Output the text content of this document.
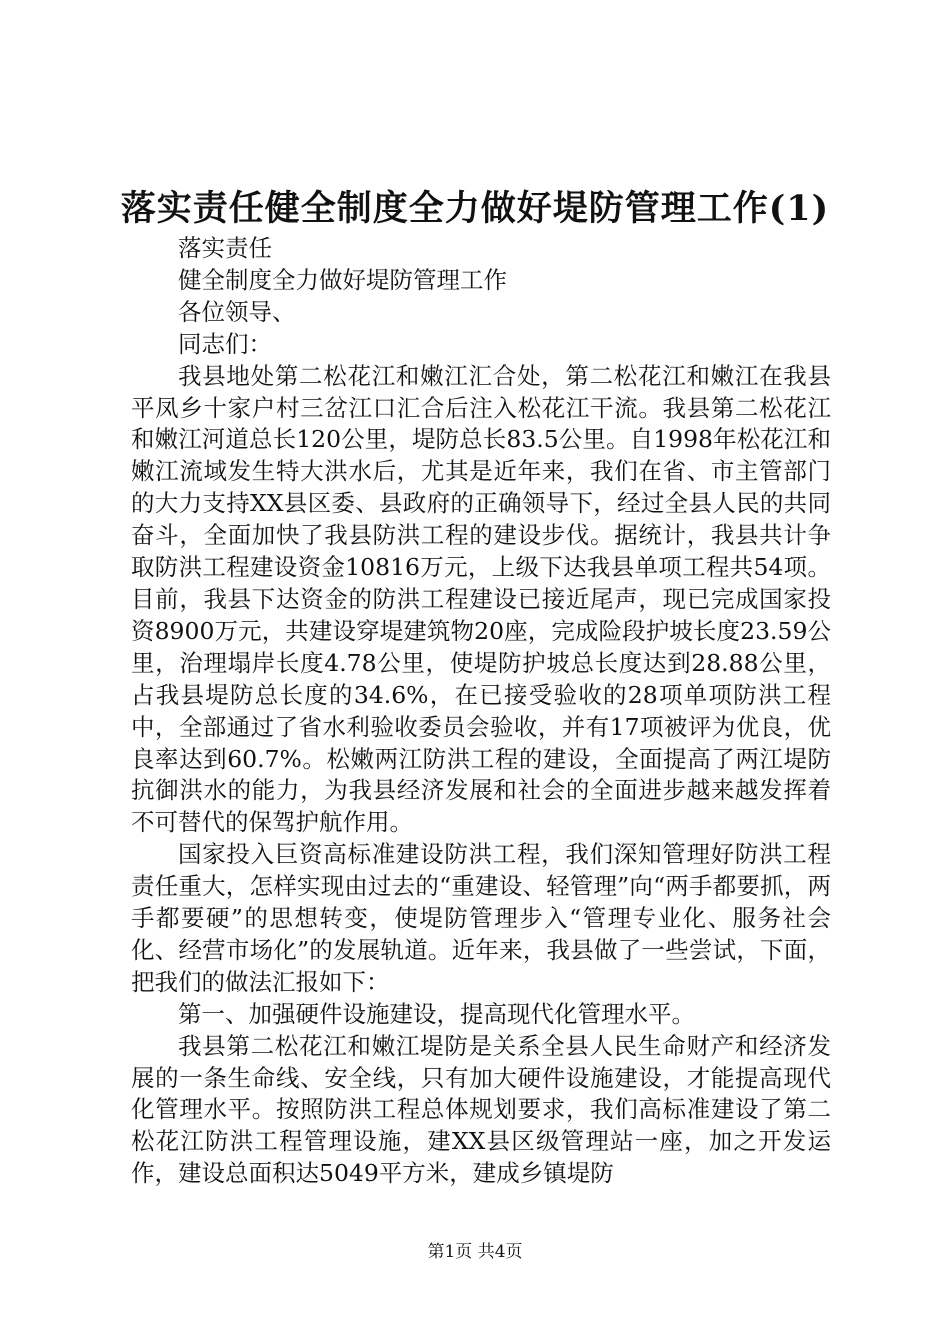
落实责任健全制度全力做好堤防管理工作(1)

落实责任

健全制度全力做好堤防管理工作

各位领导、

同志们：

我县地处第二松花江和嫩江汇合处，第二松花江和嫩江在我县平凤乡十家户村三岔江口汇合后注入松花江干流。我县第二松花江和嫩江河道总长120公里，堤防总长83.5公里。自1998年松花江和嫩江流域发生特大洪水后，尤其是近年来，我们在省、市主管部门的大力支持XX县区委、县政府的正确领导下，经过全县人民的共同奋斗，全面加快了我县防洪工程的建设步伐。据统计，我县共计争取防洪工程建设资金10816万元，上级下达我县单项工程共54项。目前，我县下达资金的防洪工程建设已接近尾声，现已完成国家投资8900万元，共建设穿堤建筑物20座，完成险段护坡长度23.59公里，治理塌岸长度4.78公里，使堤防护坡总长度达到28.88公里，占我县堤防总长度的34.6%，在已接受验收的28项单项防洪工程中，全部通过了省水利验收委员会验收，并有17项被评为优良，优良率达到60.7%。松嫩两江防洪工程的建设，全面提高了两江堤防抗御洪水的能力，为我县经济发展和社会的全面进步越来越发挥着不可替代的保驾护航作用。

国家投入巨资高标准建设防洪工程，我们深知管理好防洪工程责任重大，怎样实现由过去的“重建设、轻管理”向“两手都要抓，两手都要硬”的思想转变，使堤防管理步入“管理专业化、服务社会化、经营市场化”的发展轨道。近年来，我县做了一些尝试，下面，把我们的做法汇报如下：

第一、加强硬件设施建设，提高现代化管理水平。

我县第二松花江和嫩江堤防是关系全县人民生命财产和经济发展的一条生命线、安全线，只有加大硬件设施建设，才能提高现代化管理水平。按照防洪工程总体规划要求，我们高标准建设了第二松花江防洪工程管理设施，建XX县区级管理站一座，加之开发运作，建设总面积达5049平方米，建成乡镇堤防

第1页 共4页
